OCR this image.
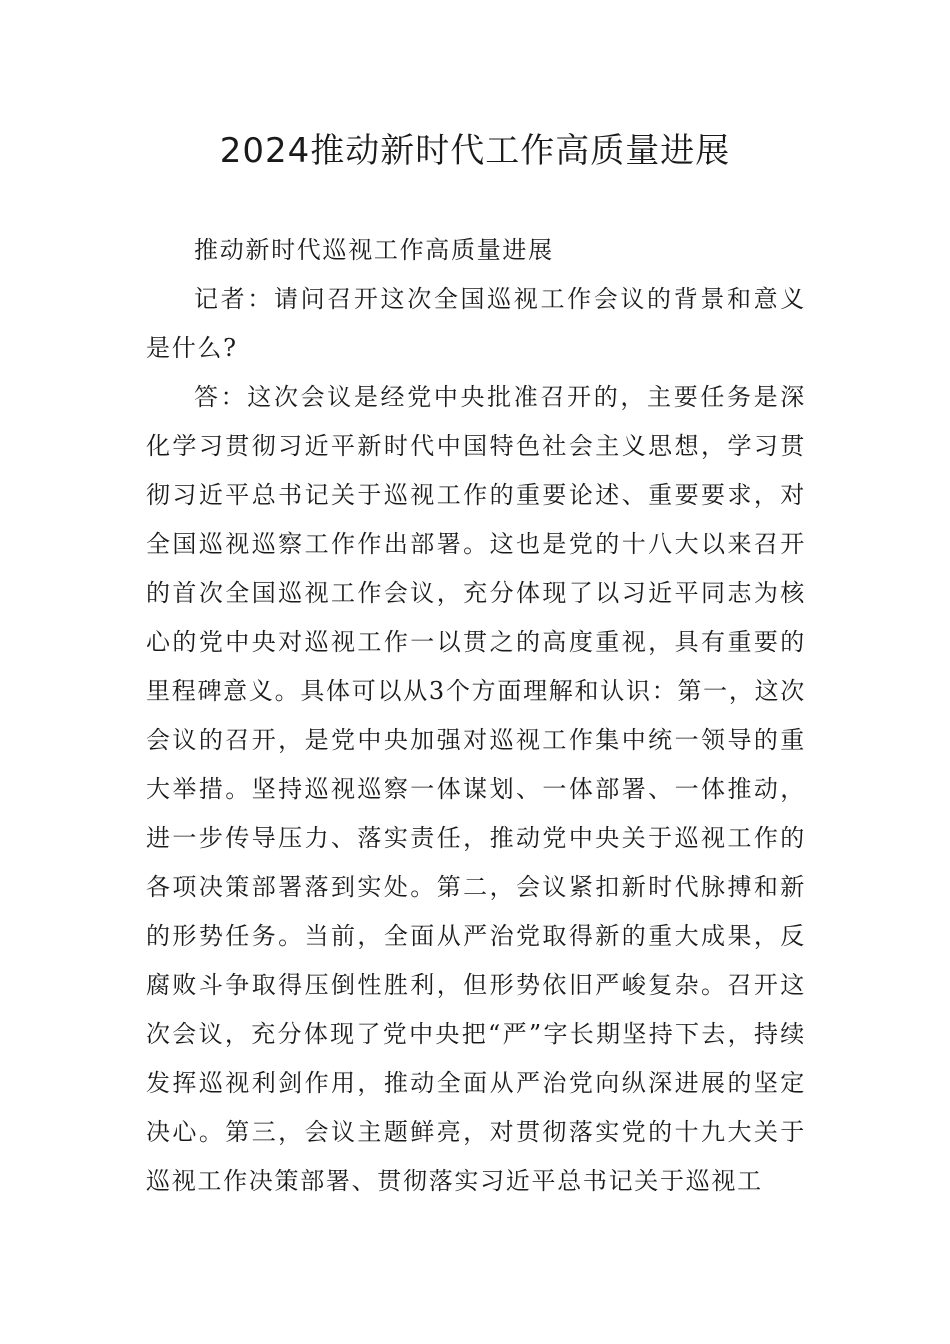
2024推动新时代工作高质量进展

推动新时代巡视工作高质量进展

记者：请问召开这次全国巡视工作会议的背景和意义是什么?

答：这次会议是经党中央批准召开的，主要任务是深化学习贯彻习近平新时代中国特色社会主义思想，学习贯彻习近平总书记关于巡视工作的重要论述、重要要求，对全国巡视巡察工作作出部署。这也是党的十八大以来召开的首次全国巡视工作会议，充分体现了以习近平同志为核心的党中央对巡视工作一以贯之的高度重视，具有重要的里程碑意义。具体可以从3个方面理解和认识：第一，这次会议的召开，是党中央加强对巡视工作集中统一领导的重大举措。坚持巡视巡察一体谋划、一体部署、一体推动，进一步传导压力、落实责任，推动党中央关于巡视工作的各项决策部署落到实处。第二，会议紧扣新时代脉搏和新的形势任务。当前，全面从严治党取得新的重大成果，反腐败斗争取得压倒性胜利，但形势依旧严峻复杂。召开这次会议，充分体现了党中央把“严”字长期坚持下去，持续发挥巡视利剑作用，推动全面从严治党向纵深进展的坚定决心。第三，会议主题鲜亮，对贯彻落实党的十九大关于巡视工作决策部署、贯彻落实习近平总书记关于巡视工
